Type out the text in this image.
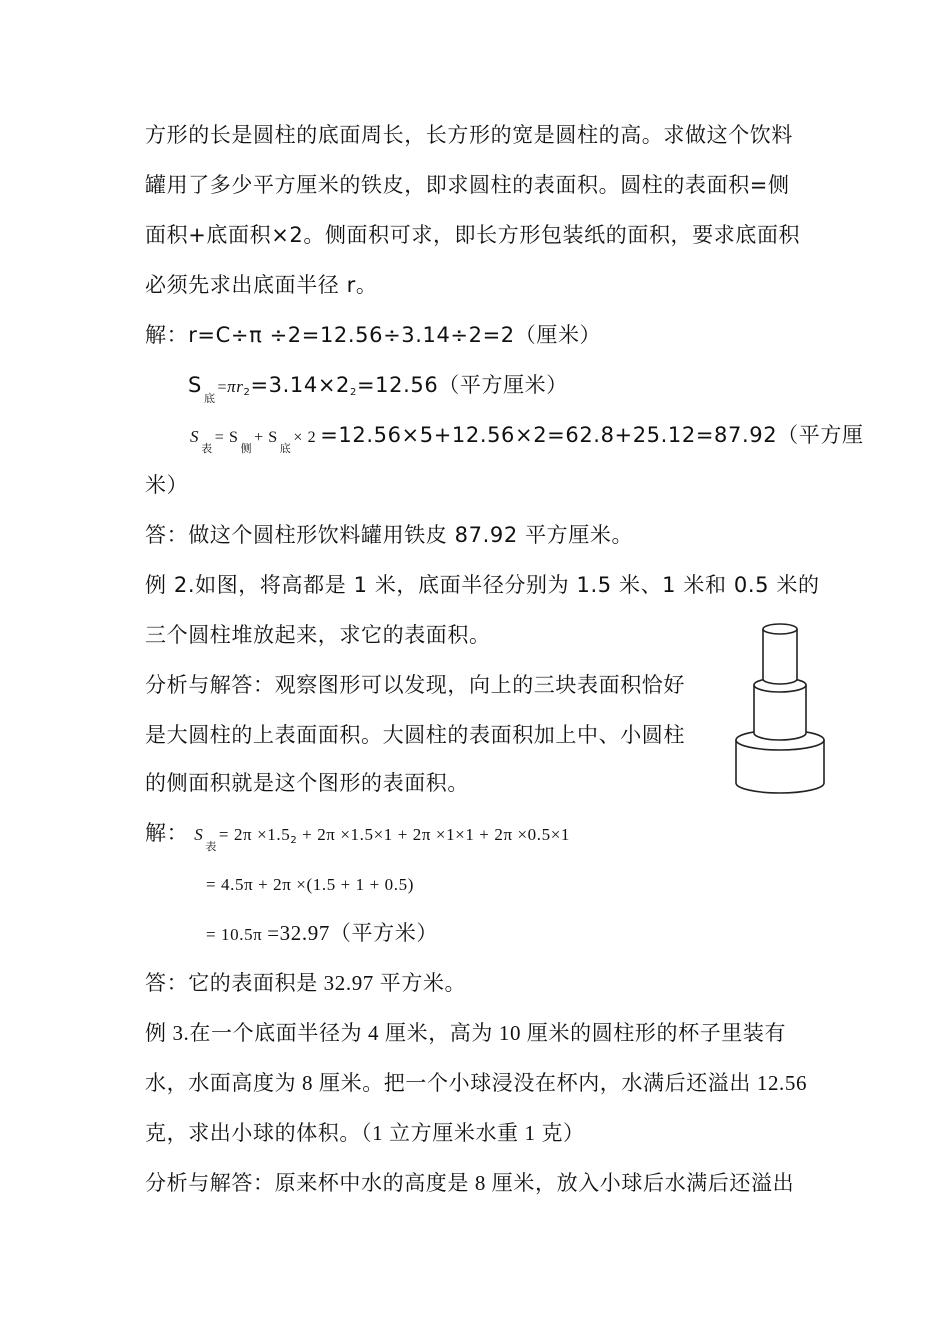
方形的长是圆柱的底面周长，长方形的宽是圆柱的高。求做这个饮料
罐用了多少平方厘米的铁皮，即求圆柱的表面积。圆柱的表面积=侧
面积+底面积×2。侧面积可求，即长方形包装纸的面积，要求底面积
必须先求出底面半径 r。
解：r=C÷π ÷2=12.56÷3.14÷2=2（厘米）
$S_底=\pi r2=3.14\times 22=12.56$（平方厘米）
$S_表= S_侧+ S_底\times 2 =12.56\times 5+12.56\times 2=62.8+25.12=87.92$（平方厘
米）
答：做这个圆柱形饮料罐用铁皮 87.92 平方厘米。
例 2.如图，将高都是 1 米，底面半径分别为 1.5 米、1 米和 0.5 米的
三个圆柱堆放起来，求它的表面积。
分析与解答：观察图形可以发现，向上的三块表面积恰好
是大圆柱的上表面面积。大圆柱的表面积加上中、小圆柱
的侧面积就是这个图形的表面积。
解： $S_表= 2\pi \times 1.52 + 2\pi \times 1.5\times 1 + 2\pi \times 1\times 1 + 2\pi \times 0.5\times 1$
= 4.5π + 2π ×(1.5 + 1 + 0.5)
= 10.5π =32.97（平方米）
答：它的表面积是 32.97 平方米。
例 3.在一个底面半径为 4 厘米，高为 10 厘米的圆柱形的杯子里装有
水，水面高度为 8 厘米。把一个小球浸没在杯内，水满后还溢出 12.56
克，求出小球的体积。（1 立方厘米水重 1 克）
分析与解答：原来杯中水的高度是 8 厘米，放入小球后水满后还溢出
